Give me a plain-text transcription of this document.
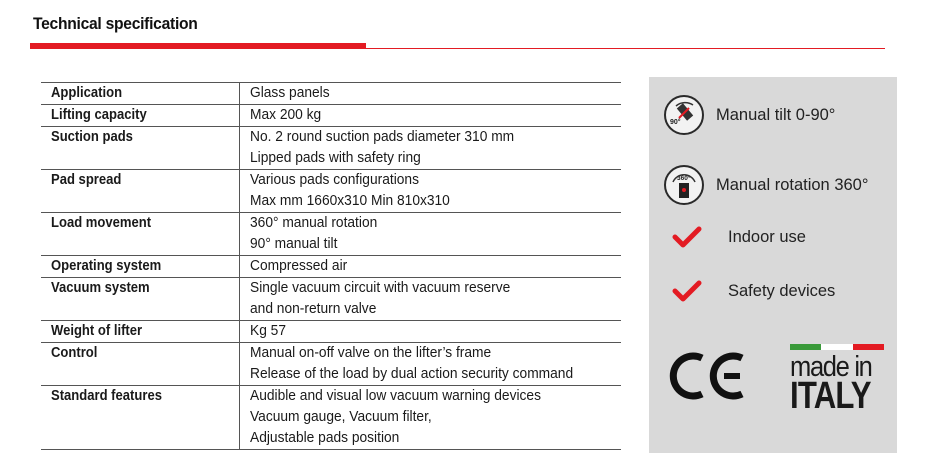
Technical specification
Application	Glass panels

Lifting capacity	Max 200 kg

Suction pads	No. 2 round suction pads diameter 310 mm
Lipped pads with safety ring

Pad spread	Various pads configurations
Max mm 1660x310 Min 810x310

Load movement	360° manual rotation
90° manual tilt

Operating system	Compressed air

Vacuum system	Single vacuum circuit with vacuum reserve
and non-return valve

Weight of lifter	Kg 57

Control	Manual on-off valve on the lifter’s frame
Release of the load by dual action security command

Standard features	Audible and visual low vacuum warning devices
Vacuum gauge, Vacuum filter,
Adjustable pads position
90° Manual tilt 0-90°
360° Manual rotation 360°
Indoor use
Safety devices
made in
ITALY
